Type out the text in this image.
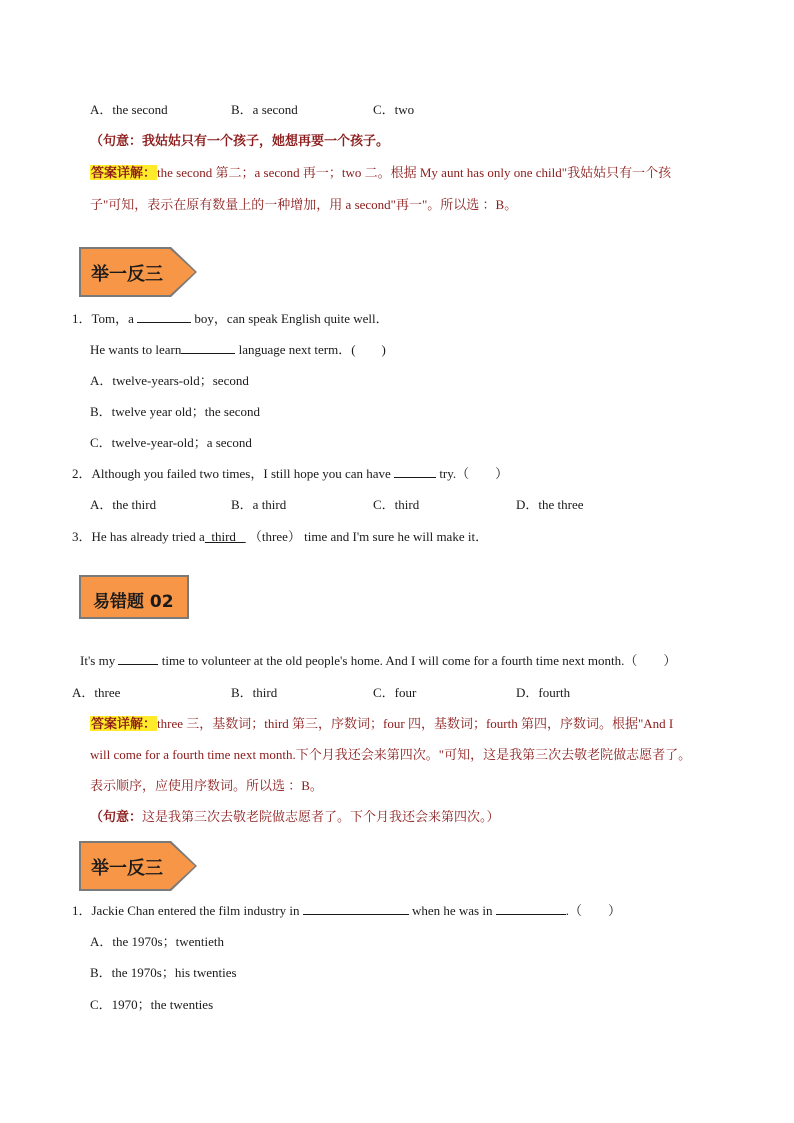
A．the second	B．a second	C．two
（句意：我姑姑只有一个孩子，她想再要一个孩子。
答案详解：the second 第二；a second 再一；two 二。根据 My aunt has only one child"我姑姑只有一个孩
子"可知，表示在原有数量上的一种增加，用 a second"再一"。所以选 ：B。
举一反三
1．Tom，a	boy，can speak English quite well．
He wants to learn	language next term．(　　)
A．twelve-years-old；second
B．twelve year old；the second
C．twelve-year-old；a second
2．Although you failed two times，I still hope you can have	try.（　　）
A．the third	B．a third	C．third	D．the three
3．He has already tried a  third    （three） time and I'm sure he will make it．
易错题 02
It's my	time to volunteer at the old people's home. And I will come for a fourth time next month.（　　）
A．three	B．third	C．four	D．fourth
答案详解：three 三，基数词；third 第三，序数词；four 四，基数词；fourth 第四，序数词。根据"And I
will come for a fourth time next month.下个月我还会来第四次。"可知，这是我第三次去敬老院做志愿者了。
表示顺序，应使用序数词。所以选 ：B。
（句意：这是我第三次去敬老院做志愿者了。下个月我还会来第四次。）
举一反三
1．Jackie Chan entered the film industry in	when he was in	.（　　）
A．the 1970s；twentieth
B．the 1970s；his twenties
C．1970；the twenties
